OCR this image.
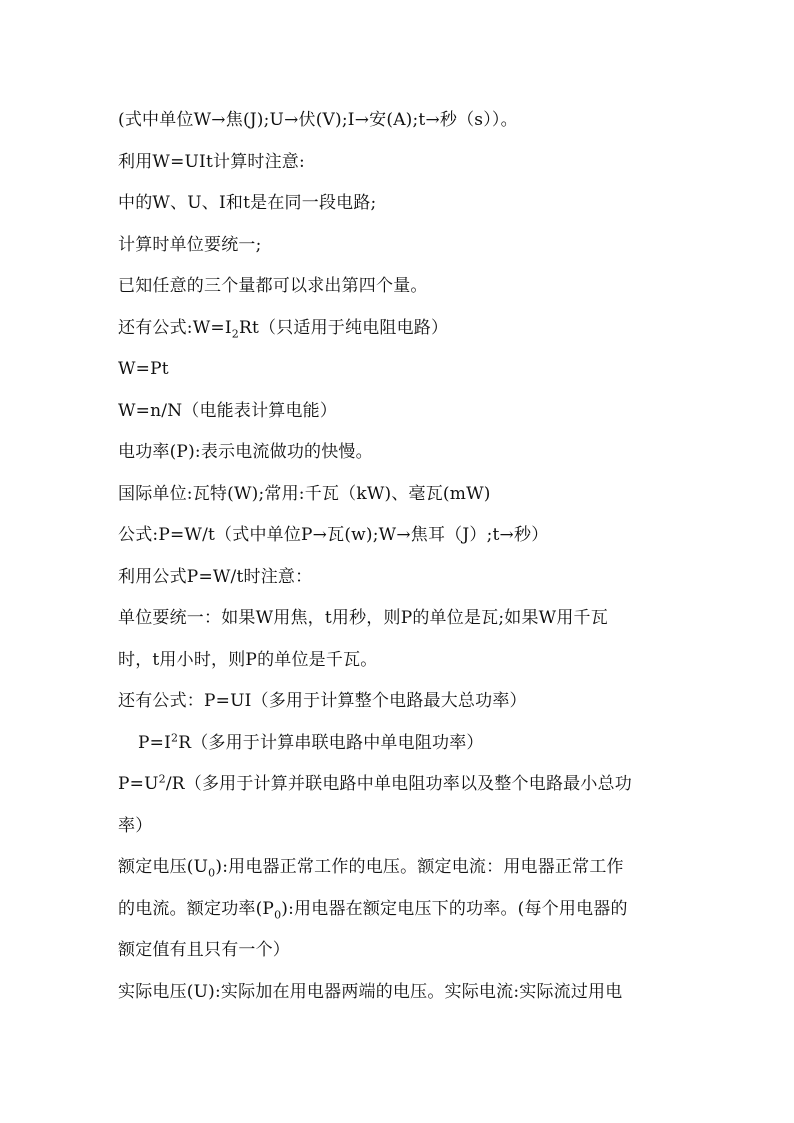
(式中单位W→焦(J);U→伏(V);I→安(A);t→秒（s））。
利用W=UIt计算时注意:
中的W、U、I和t是在同一段电路;
计算时单位要统一;
已知任意的三个量都可以求出第四个量。
还有公式$:W=I_2Rt$（只适用于纯电阻电路）
W=Pt
W=n/N（电能表计算电能）
电功率(P):表示电流做功的快慢。
国际单位:瓦特(W);常用:千瓦（kW)、毫瓦(mW)
公式:P=W/t（式中单位P→瓦(w);W→焦耳（J）;t→秒）
利用公式P=W/t时注意：
单位要统一：如果W用焦，t用秒，则P的单位是瓦;如果W用千瓦
时，t用小时，则P的单位是千瓦。
还有公式：P=UI（多用于计算整个电路最大总功率）
$P=I^2R$（多用于计算串联电路中单电阻功率）
$P=U^2/R$（多用于计算并联电路中单电阻功率以及整个电路最小总功
率）
额定电压$(U_0)$:用电器正常工作的电压。额定电流：用电器正常工作
的电流。额定功率$(P_0)$:用电器在额定电压下的功率。(每个用电器的
额定值有且只有一个）
实际电压(U):实际加在用电器两端的电压。实际电流:实际流过用电
